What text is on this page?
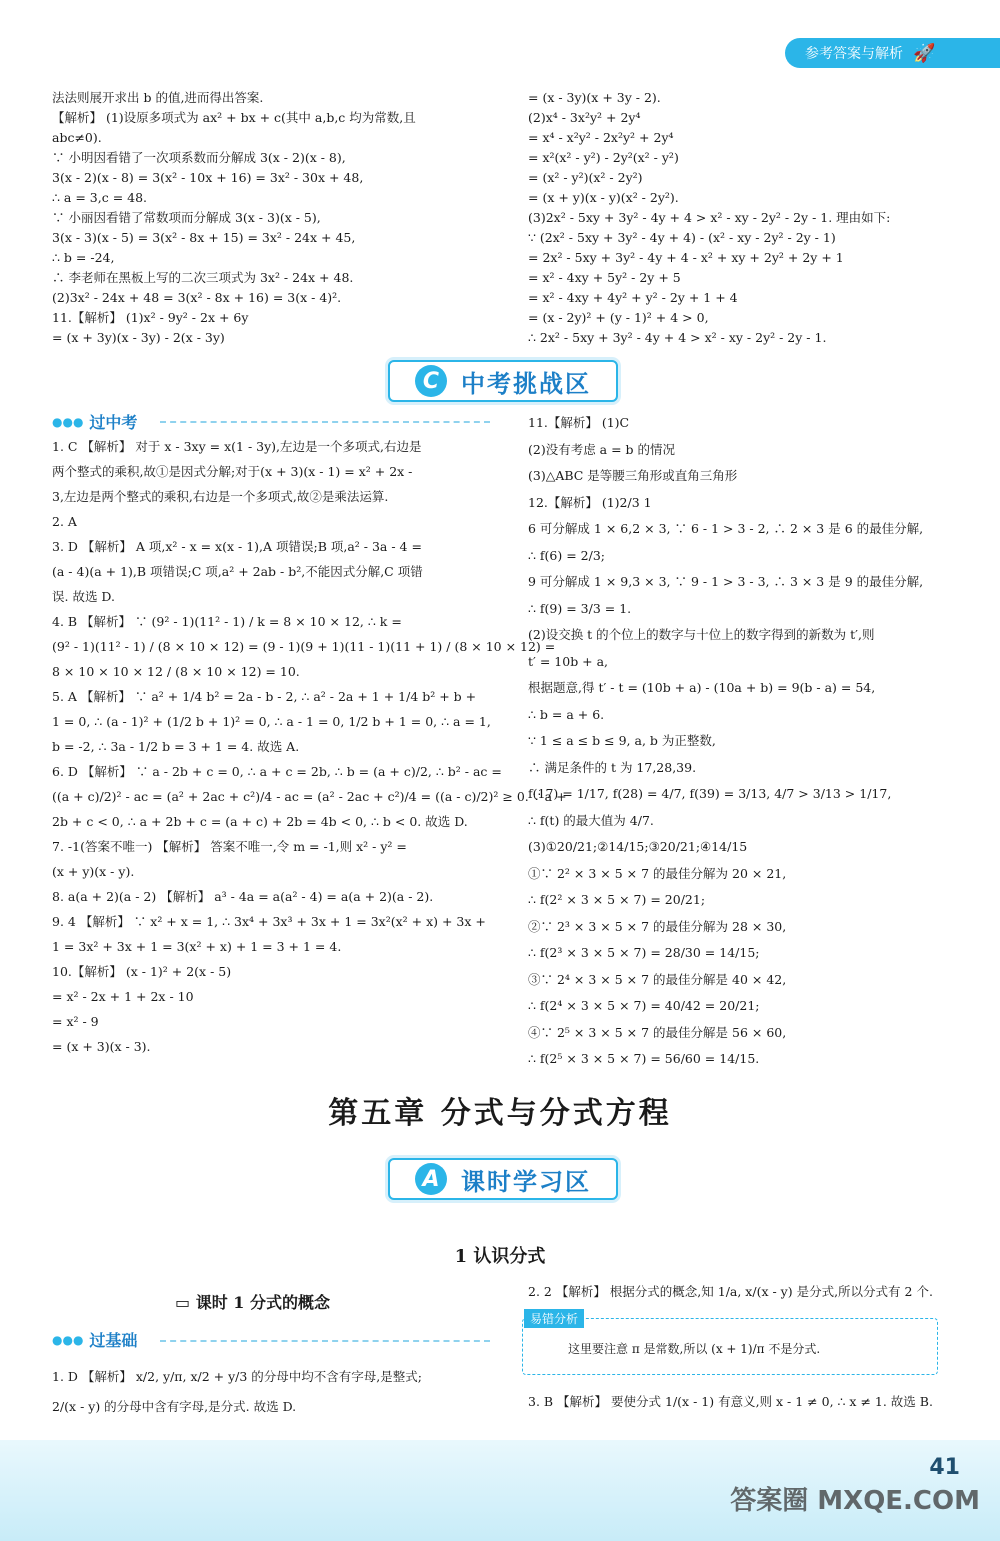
参考答案与解析 🚀
法法则展开求出 b 的值,进而得出答案.
【解析】 (1)设原多项式为 ax² + bx + c(其中 a,b,c 均为常数,且
abc≠0).
∵ 小明因看错了一次项系数而分解成 3(x - 2)(x - 8),
3(x - 2)(x - 8) = 3(x² - 10x + 16) = 3x² - 30x + 48,
∴ a = 3,c = 48.
∵ 小丽因看错了常数项而分解成 3(x - 3)(x - 5),
3(x - 3)(x - 5) = 3(x² - 8x + 15) = 3x² - 24x + 45,
∴ b = -24,
∴ 李老师在黑板上写的二次三项式为 3x² - 24x + 48.
(2)3x² - 24x + 48 = 3(x² - 8x + 16) = 3(x - 4)².
11.【解析】 (1)x² - 9y² - 2x + 6y
= (x + 3y)(x - 3y) - 2(x - 3y)
= (x - 3y)(x + 3y - 2).
(2)x⁴ - 3x²y² + 2y⁴
= x⁴ - x²y² - 2x²y² + 2y⁴
= x²(x² - y²) - 2y²(x² - y²)
= (x² - y²)(x² - 2y²)
= (x + y)(x - y)(x² - 2y²).
(3)2x² - 5xy + 3y² - 4y + 4 > x² - xy - 2y² - 2y - 1. 理由如下:
∵ (2x² - 5xy + 3y² - 4y + 4) - (x² - xy - 2y² - 2y - 1)
= 2x² - 5xy + 3y² - 4y + 4 - x² + xy + 2y² + 2y + 1
= x² - 4xy + 5y² - 2y + 5
= x² - 4xy + 4y² + y² - 2y + 1 + 4
= (x - 2y)² + (y - 1)² + 4 > 0,
∴ 2x² - 5xy + 3y² - 4y + 4 > x² - xy - 2y² - 2y - 1.
C 中考挑战区
●●● 过中考
1. C 【解析】 对于 x - 3xy = x(1 - 3y),左边是一个多项式,右边是
两个整式的乘积,故①是因式分解;对于(x + 3)(x - 1) = x² + 2x -
3,左边是两个整式的乘积,右边是一个多项式,故②是乘法运算.
2. A
3. D 【解析】 A 项,x² - x = x(x - 1),A 项错误;B 项,a² - 3a - 4 =
(a - 4)(a + 1),B 项错误;C 项,a² + 2ab - b²,不能因式分解,C 项错
误. 故选 D.
4. B 【解析】 ∵ (9² - 1)(11² - 1) / k = 8 × 10 × 12, ∴ k =
(9² - 1)(11² - 1) / (8 × 10 × 12) = (9 - 1)(9 + 1)(11 - 1)(11 + 1) / (8 × 10 × 12) =
8 × 10 × 10 × 12 / (8 × 10 × 12) = 10.
5. A 【解析】 ∵ a² + 1/4 b² = 2a - b - 2, ∴ a² - 2a + 1 + 1/4 b² + b +
1 = 0, ∴ (a - 1)² + (1/2 b + 1)² = 0, ∴ a - 1 = 0, 1/2 b + 1 = 0, ∴ a = 1,
b = -2, ∴ 3a - 1/2 b = 3 + 1 = 4. 故选 A.
6. D 【解析】 ∵ a - 2b + c = 0, ∴ a + c = 2b, ∴ b = (a + c)/2, ∴ b² - ac =
((a + c)/2)² - ac = (a² + 2ac + c²)/4 - ac = (a² - 2ac + c²)/4 = ((a - c)/2)² ≥ 0. ∵ a +
2b + c < 0, ∴ a + 2b + c = (a + c) + 2b = 4b < 0, ∴ b < 0. 故选 D.
7. -1(答案不唯一) 【解析】 答案不唯一,令 m = -1,则 x² - y² =
(x + y)(x - y).
8. a(a + 2)(a - 2) 【解析】 a³ - 4a = a(a² - 4) = a(a + 2)(a - 2).
9. 4 【解析】 ∵ x² + x = 1, ∴ 3x⁴ + 3x³ + 3x + 1 = 3x²(x² + x) + 3x +
1 = 3x² + 3x + 1 = 3(x² + x) + 1 = 3 + 1 = 4.
10.【解析】 (x - 1)² + 2(x - 5)
= x² - 2x + 1 + 2x - 10
= x² - 9
= (x + 3)(x - 3).
11.【解析】 (1)C
(2)没有考虑 a = b 的情况
(3)△ABC 是等腰三角形或直角三角形
12.【解析】 (1)2/3 1
6 可分解成 1 × 6,2 × 3, ∵ 6 - 1 > 3 - 2, ∴ 2 × 3 是 6 的最佳分解,
∴ f(6) = 2/3;
9 可分解成 1 × 9,3 × 3, ∵ 9 - 1 > 3 - 3, ∴ 3 × 3 是 9 的最佳分解,
∴ f(9) = 3/3 = 1.
(2)设交换 t 的个位上的数字与十位上的数字得到的新数为 t′,则
t′ = 10b + a,
根据题意,得 t′ - t = (10b + a) - (10a + b) = 9(b - a) = 54,
∴ b = a + 6.
∵ 1 ≤ a ≤ b ≤ 9, a, b 为正整数,
∴ 满足条件的 t 为 17,28,39.
f(17) = 1/17, f(28) = 4/7, f(39) = 3/13, 4/7 > 3/13 > 1/17,
∴ f(t) 的最大值为 4/7.
(3)①20/21;②14/15;③20/21;④14/15
①∵ 2² × 3 × 5 × 7 的最佳分解为 20 × 21,
∴ f(2² × 3 × 5 × 7) = 20/21;
②∵ 2³ × 3 × 5 × 7 的最佳分解为 28 × 30,
∴ f(2³ × 3 × 5 × 7) = 28/30 = 14/15;
③∵ 2⁴ × 3 × 5 × 7 的最佳分解是 40 × 42,
∴ f(2⁴ × 3 × 5 × 7) = 40/42 = 20/21;
④∵ 2⁵ × 3 × 5 × 7 的最佳分解是 56 × 60,
∴ f(2⁵ × 3 × 5 × 7) = 56/60 = 14/15.
第五章 分式与分式方程
A 课时学习区
1 认识分式
▭ 课时 1 分式的概念
●●● 过基础
1. D 【解析】 x/2, y/π, x/2 + y/3 的分母中均不含有字母,是整式;
2/(x - y) 的分母中含有字母,是分式. 故选 D.
2. 2 【解析】 根据分式的概念,知 1/a, x/(x - y) 是分式,所以分式有 2 个.
易错分析
这里要注意 π 是常数,所以 (x + 1)/π 不是分式.
3. B 【解析】 要使分式 1/(x - 1) 有意义,则 x - 1 ≠ 0, ∴ x ≠ 1. 故选 B.
41
答案圈 MXQE.COM
